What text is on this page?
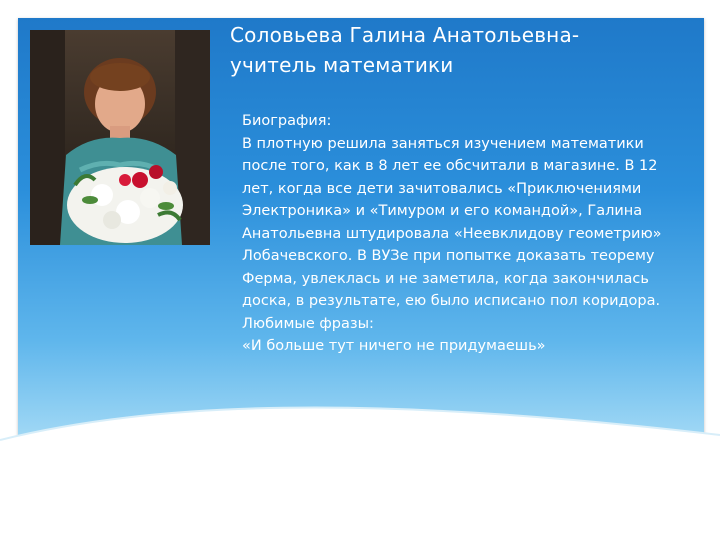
Соловьева Галина Анатольевна-
учитель математики

Биография:

В плотную решила заняться изучением математики после того, как в 8 лет ее обсчитали в магазине. В 12 лет, когда все дети зачитовались «Приключениями Электроника» и «Тимуром и его командой», Галина Анатольевна штудировала «Неевклидову геометрию» Лобачевского. В ВУЗе при попытке доказать теорему Ферма, увлеклась и не заметила, когда закончилась доска, в результате, ею было исписано пол коридора.

Любимые фразы:

«И больше тут ничего не придумаешь»
